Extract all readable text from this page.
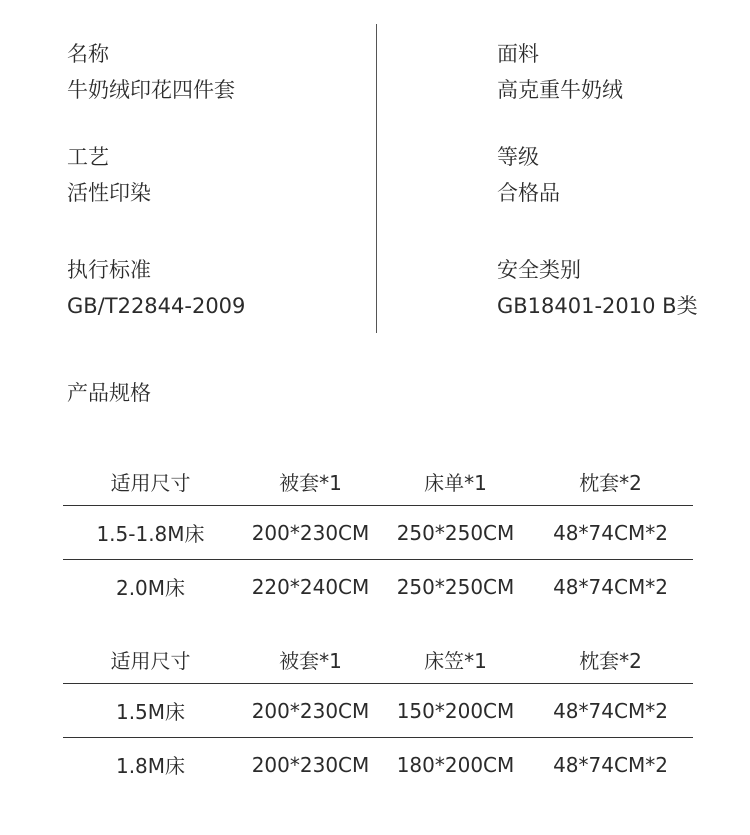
名称
牛奶绒印花四件套
面料
高克重牛奶绒
工艺
活性印染
等级
合格品
执行标准
GB/T22844-2009
安全类别
GB18401-2010 B类
产品规格
适用尺寸	被套*1	床单*1	枕套*2
1.5-1.8M床	200*230CM	250*250CM	48*74CM*2
2.0M床	220*240CM	250*250CM	48*74CM*2
适用尺寸	被套*1	床笠*1	枕套*2
1.5M床	200*230CM	150*200CM	48*74CM*2
1.8M床	200*230CM	180*200CM	48*74CM*2
